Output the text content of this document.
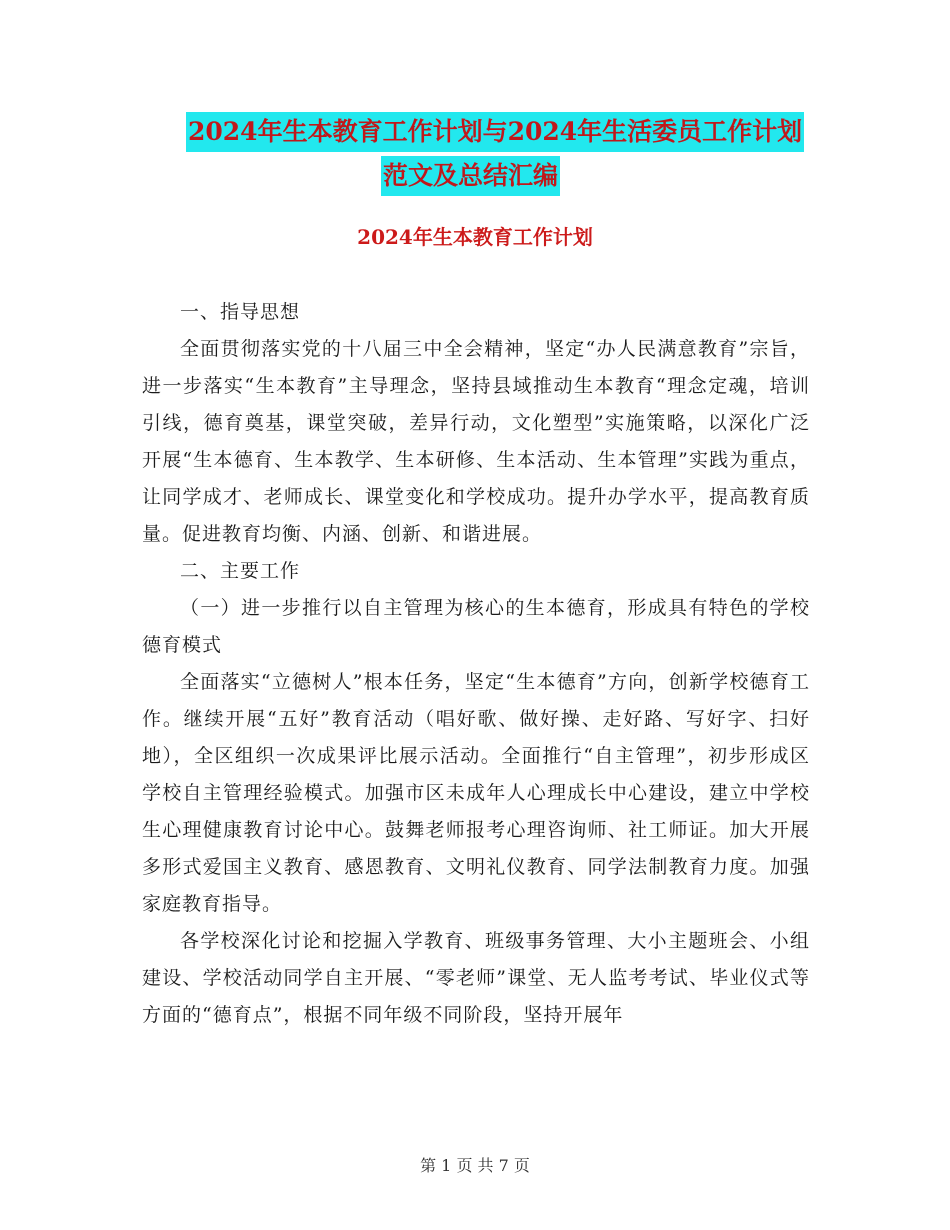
2024年生本教育工作计划与2024年生活委员工作计划
范文及总结汇编
2024年生本教育工作计划

一、指导思想

全面贯彻落实党的十八届三中全会精神，坚定“办人民满意教育”宗旨，进一步落实“生本教育”主导理念，坚持县域推动生本教育“理念定魂，培训引线，德育奠基，课堂突破，差异行动，文化塑型”实施策略，以深化广泛开展“生本德育、生本教学、生本研修、生本活动、生本管理”实践为重点，让同学成才、老师成长、课堂变化和学校成功。提升办学水平，提高教育质量。促进教育均衡、内涵、创新、和谐进展。

二、主要工作

（一）进一步推行以自主管理为核心的生本德育，形成具有特色的学校德育模式

全面落实“立德树人”根本任务，坚定“生本德育”方向，创新学校德育工作。继续开展“五好”教育活动（唱好歌、做好操、走好路、写好字、扫好地），全区组织一次成果评比展示活动。全面推行“自主管理”，初步形成区学校自主管理经验模式。加强市区未成年人心理成长中心建设，建立中学校生心理健康教育讨论中心。鼓舞老师报考心理咨询师、社工师证。加大开展多形式爱国主义教育、感恩教育、文明礼仪教育、同学法制教育力度。加强家庭教育指导。

各学校深化讨论和挖掘入学教育、班级事务管理、大小主题班会、小组建设、学校活动同学自主开展、“零老师”课堂、无人监考考试、毕业仪式等方面的“德育点”，根据不同年级不同阶段，坚持开展年

第 1 页 共 7 页
